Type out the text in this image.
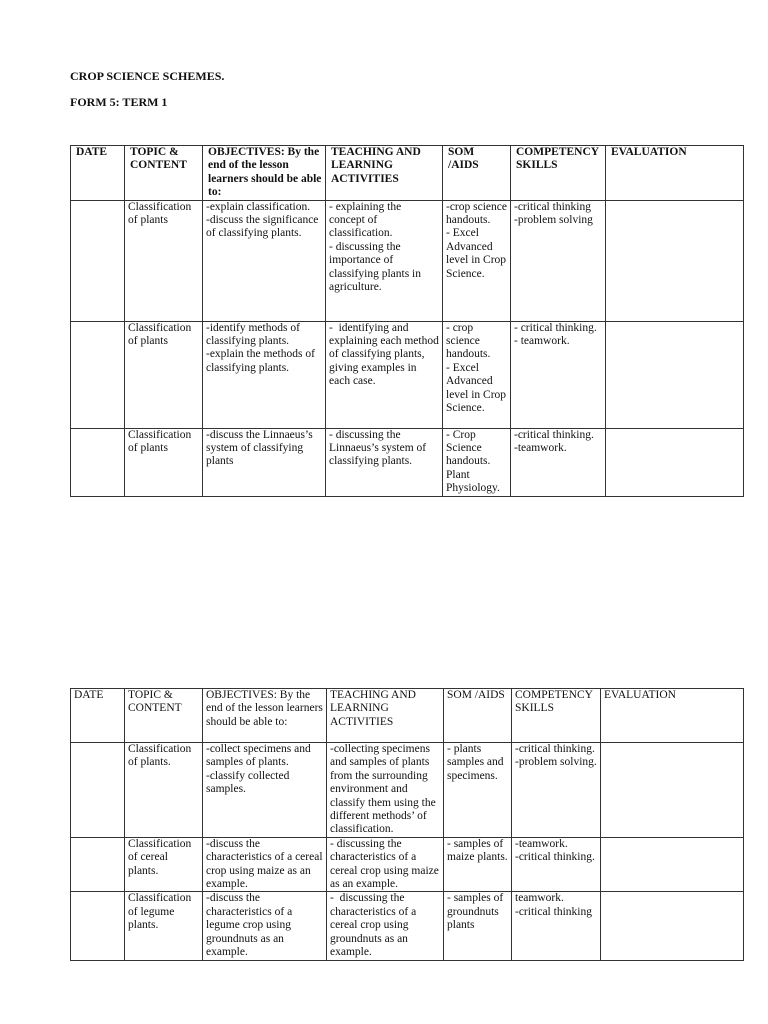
CROP SCIENCE SCHEMES.
FORM 5: TERM 1
DATE	TOPIC & CONTENT	OBJECTIVES: By the end of the lesson learners should be able to:	TEACHING AND LEARNING ACTIVITIES	SOM /AIDS	COMPETENCY SKILLS	EVALUATION
	Classification of plants	-explain classification.
-discuss the significance of classifying plants.	- explaining the concept of classification.
- discussing the importance of classifying plants in agriculture.	-crop science handouts.
- Excel Advanced level in Crop Science.	-critical thinking
-problem solving	

	Classification of plants	-identify methods of classifying plants.
-explain the methods of classifying plants.	-  identifying and explaining each method of classifying plants, giving examples in each case.	- crop science handouts.
- Excel Advanced level in Crop Science.	- critical thinking.
- teamwork.	

	Classification of plants	-discuss the Linnaeus’s system of classifying plants	- discussing the Linnaeus’s system of classifying plants.	- Crop Science handouts.
Plant Physiology.	-critical thinking.
-teamwork.	

DATE	TOPIC & CONTENT	OBJECTIVES: By the end of the lesson learners should be able to:	TEACHING AND LEARNING ACTIVITIES	SOM /AIDS	COMPETENCY SKILLS	EVALUATION
	Classification of plants.	-collect specimens and samples of plants.
-classify collected samples.	-collecting specimens and samples of plants from the surrounding environment and classify them using the different methods’ of classification.	- plants samples and specimens.	-critical thinking.
-problem solving.	

	Classification of cereal plants.	-discuss the characteristics of a cereal crop using maize as an example.	- discussing the characteristics of a cereal crop using maize as an example.	- samples of maize plants.	-teamwork.
-critical thinking.	

	Classification of legume plants.	-discuss the characteristics of a legume crop using groundnuts as an example.	-  discussing the characteristics of a cereal crop using groundnuts as an example.	- samples of groundnuts plants	teamwork.
-critical thinking	
